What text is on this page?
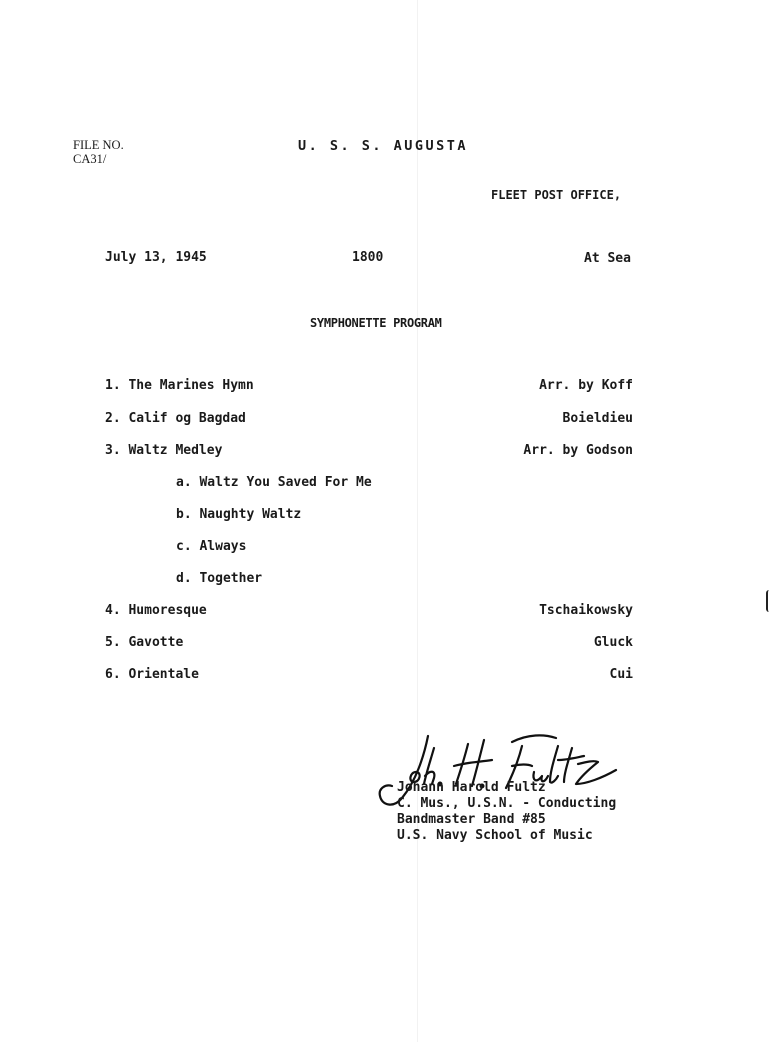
FILE NO.
CA31/
U. S. S. AUGUSTA
FLEET POST OFFICE,
July 13, 1945	1800	At Sea
SYMPHONETTE PROGRAM
1. The Marines Hymn	Arr. by Koff
2. Calif og Bagdad	Boieldieu
3. Waltz Medley	Arr. by Godson
a. Waltz You Saved For Me
b. Naughty Waltz
c. Always
d. Together
4. Humoresque	Tschaikowsky
5. Gavotte	Gluck
6. Orientale	Cui
Johann Harold Fultz
C. Mus., U.S.N. - Conducting
Bandmaster Band #85
U.S. Navy School of Music
